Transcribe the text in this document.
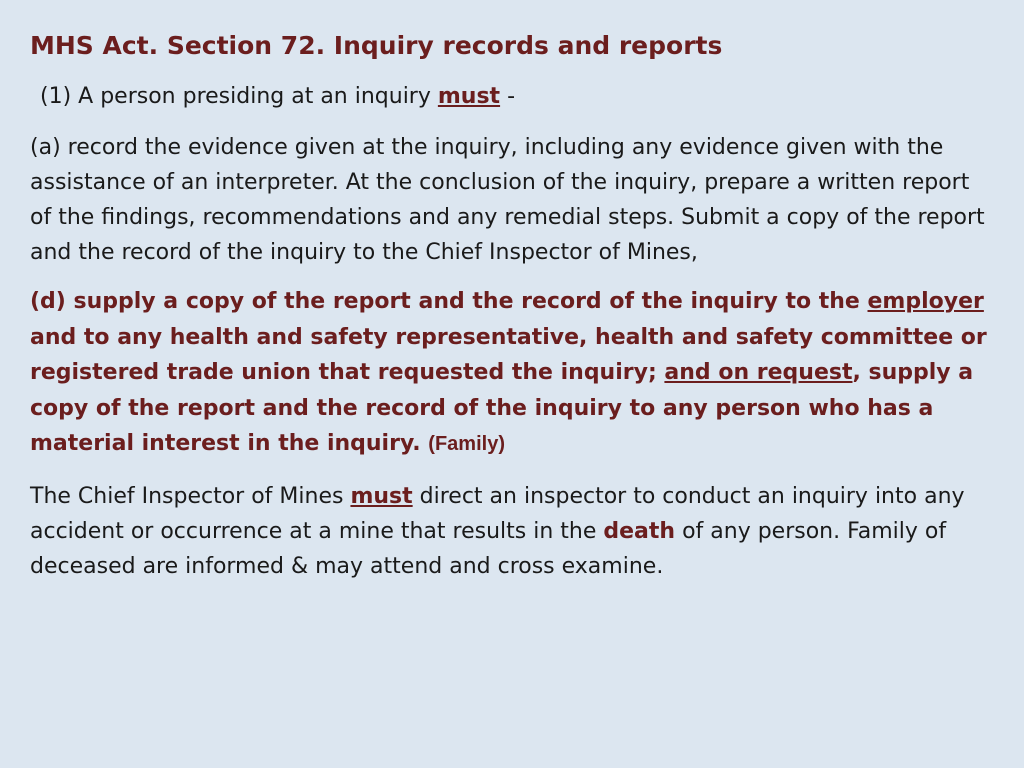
MHS Act. Section 72. Inquiry records and reports

(1) A person presiding at an inquiry must -

(a) record the evidence given at the inquiry, including any evidence given with the assistance of an interpreter. At the conclusion of the inquiry, prepare a written report of the findings, recommendations and any remedial steps. Submit a copy of the report and the record of the inquiry to the Chief Inspector of Mines,

(d) supply a copy of the report and the record of the inquiry to the employer and to any health and safety representative, health and safety committee or registered trade union that requested the inquiry; and on request, supply a copy of the report and the record of the inquiry to any person who has a material interest in the inquiry. (Family)

The Chief Inspector of Mines must direct an inspector to conduct an inquiry into any accident or occurrence at a mine that results in the death of any person. Family of deceased are informed & may attend and cross examine.
